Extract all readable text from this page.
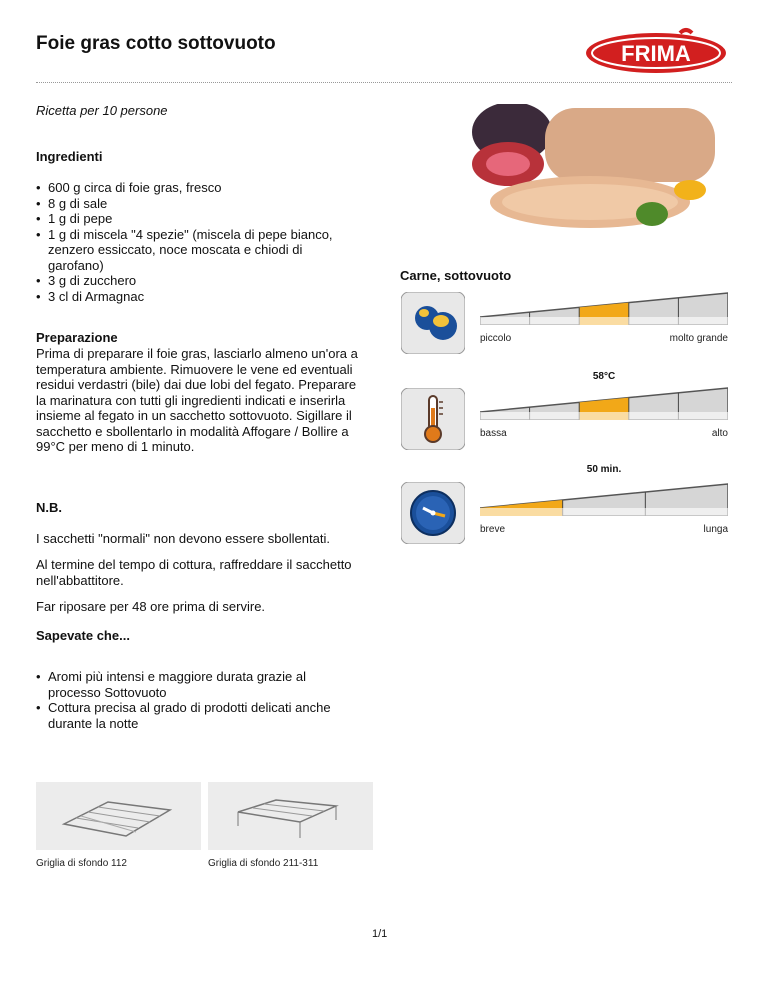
Foie gras cotto sottovuoto	FRIMA
Ricetta per 10 persone
Ingredienti
• 600 g circa di foie gras, fresco
• 8 g di sale
• 1 g di pepe
• 1 g di miscela "4 spezie" (miscela di pepe bianco, zenzero essiccato, noce moscata e chiodi di garofano)
• 3 g di zucchero
• 3 cl di Armagnac
Preparazione
Prima di preparare il foie gras, lasciarlo almeno un'ora a temperatura ambiente. Rimuovere le vene ed eventuali residui verdastri (bile) dai due lobi del fegato. Preparare la marinatura con tutti gli ingredienti indicati e inserirla insieme al fegato in un sacchetto sottovuoto. Sigillare il sacchetto e sbollentarlo in modalità Affogare / Bollire a 99°C per meno di 1 minuto.
N.B.
I sacchetti "normali" non devono essere sbollentati.
Al termine del tempo di cottura, raffreddare il sacchetto nell'abbattitore.
Far riposare per 48 ore prima di servire.
Sapevate che...
• Aromi più intensi e maggiore durata grazie al processo Sottovuoto
• Cottura precisa al grado di prodotti delicati anche durante la notte
Carne, sottovuoto
piccolo	molto grande
58°C
bassa	alto
50 min.
breve	lunga
Griglia di sfondo 112	Griglia di sfondo 211-311
1/1
